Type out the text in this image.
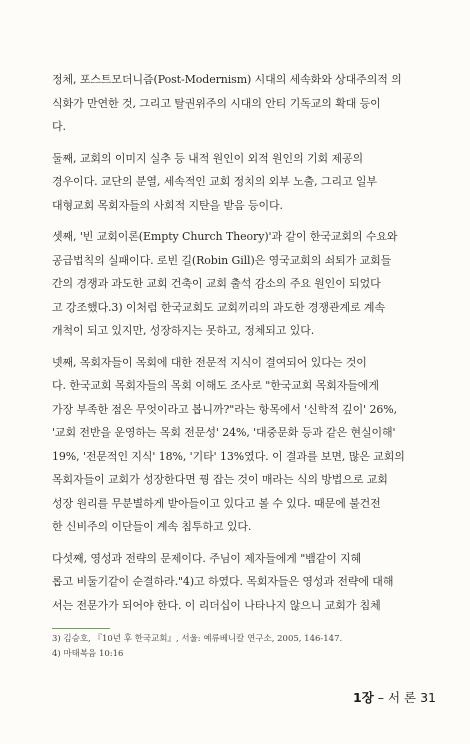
정체, 포스트모더니즘(Post-Modernism) 시대의 세속화와 상대주의적 의
식화가 만연한 것, 그리고 탈권위주의 시대의 안티 기독교의 확대 등이
다.

둘째, 교회의 이미지 실추 등 내적 원인이 외적 원인의 기회 제공의
경우이다. 교단의 분열, 세속적인 교회 정치의 외부 노출, 그리고 일부
대형교회 목회자들의 사회적 지탄을 받음 등이다.

셋째, '빈 교회이론(Empty Church Theory)'과 같이 한국교회의 수요와
공급법칙의 실패이다. 로빈 길(Robin Gill)은 영국교회의 쇠퇴가 교회들
간의 경쟁과 과도한 교회 건축이 교회 출석 감소의 주요 원인이 되었다
고 강조했다.3) 이처럼 한국교회도 교회끼리의 과도한 경쟁관계로 계속
개척이 되고 있지만, 성장하지는 못하고, 정체되고 있다.

넷째, 목회자들이 목회에 대한 전문적 지식이 결여되어 있다는 것이
다. 한국교회 목회자들의 목회 이해도 조사로 "한국교회 목회자들에게
가장 부족한 점은 무엇이라고 봅니까?"라는 항목에서 '신학적 깊이' 26%,
'교회 전반을 운영하는 목회 전문성' 24%, '대중문화 등과 같은 현실이해'
19%, '전문적인 지식' 18%, '기타' 13%였다. 이 결과를 보면, 많은 교회의
목회자들이 교회가 성장한다면 꿩 잡는 것이 매라는 식의 방법으로 교회
성장 원리를 무분별하게 받아들이고 있다고 볼 수 있다. 때문에 불건전
한 신비주의 이단들이 계속 침투하고 있다.

다섯째, 영성과 전략의 문제이다. 주님이 제자들에게 "뱀같이 지혜
롭고 비둘기같이 순결하라."4)고 하였다. 목회자들은 영성과 전략에 대해
서는 전문가가 되어야 한다. 이 리더십이 나타나지 않으니 교회가 침체

3) 김승호, 『10년 후 한국교회』, 서울: 예류베니칼 연구소, 2005, 146-147.
4) 마태복음 10:16
1장 – 서 론 31
